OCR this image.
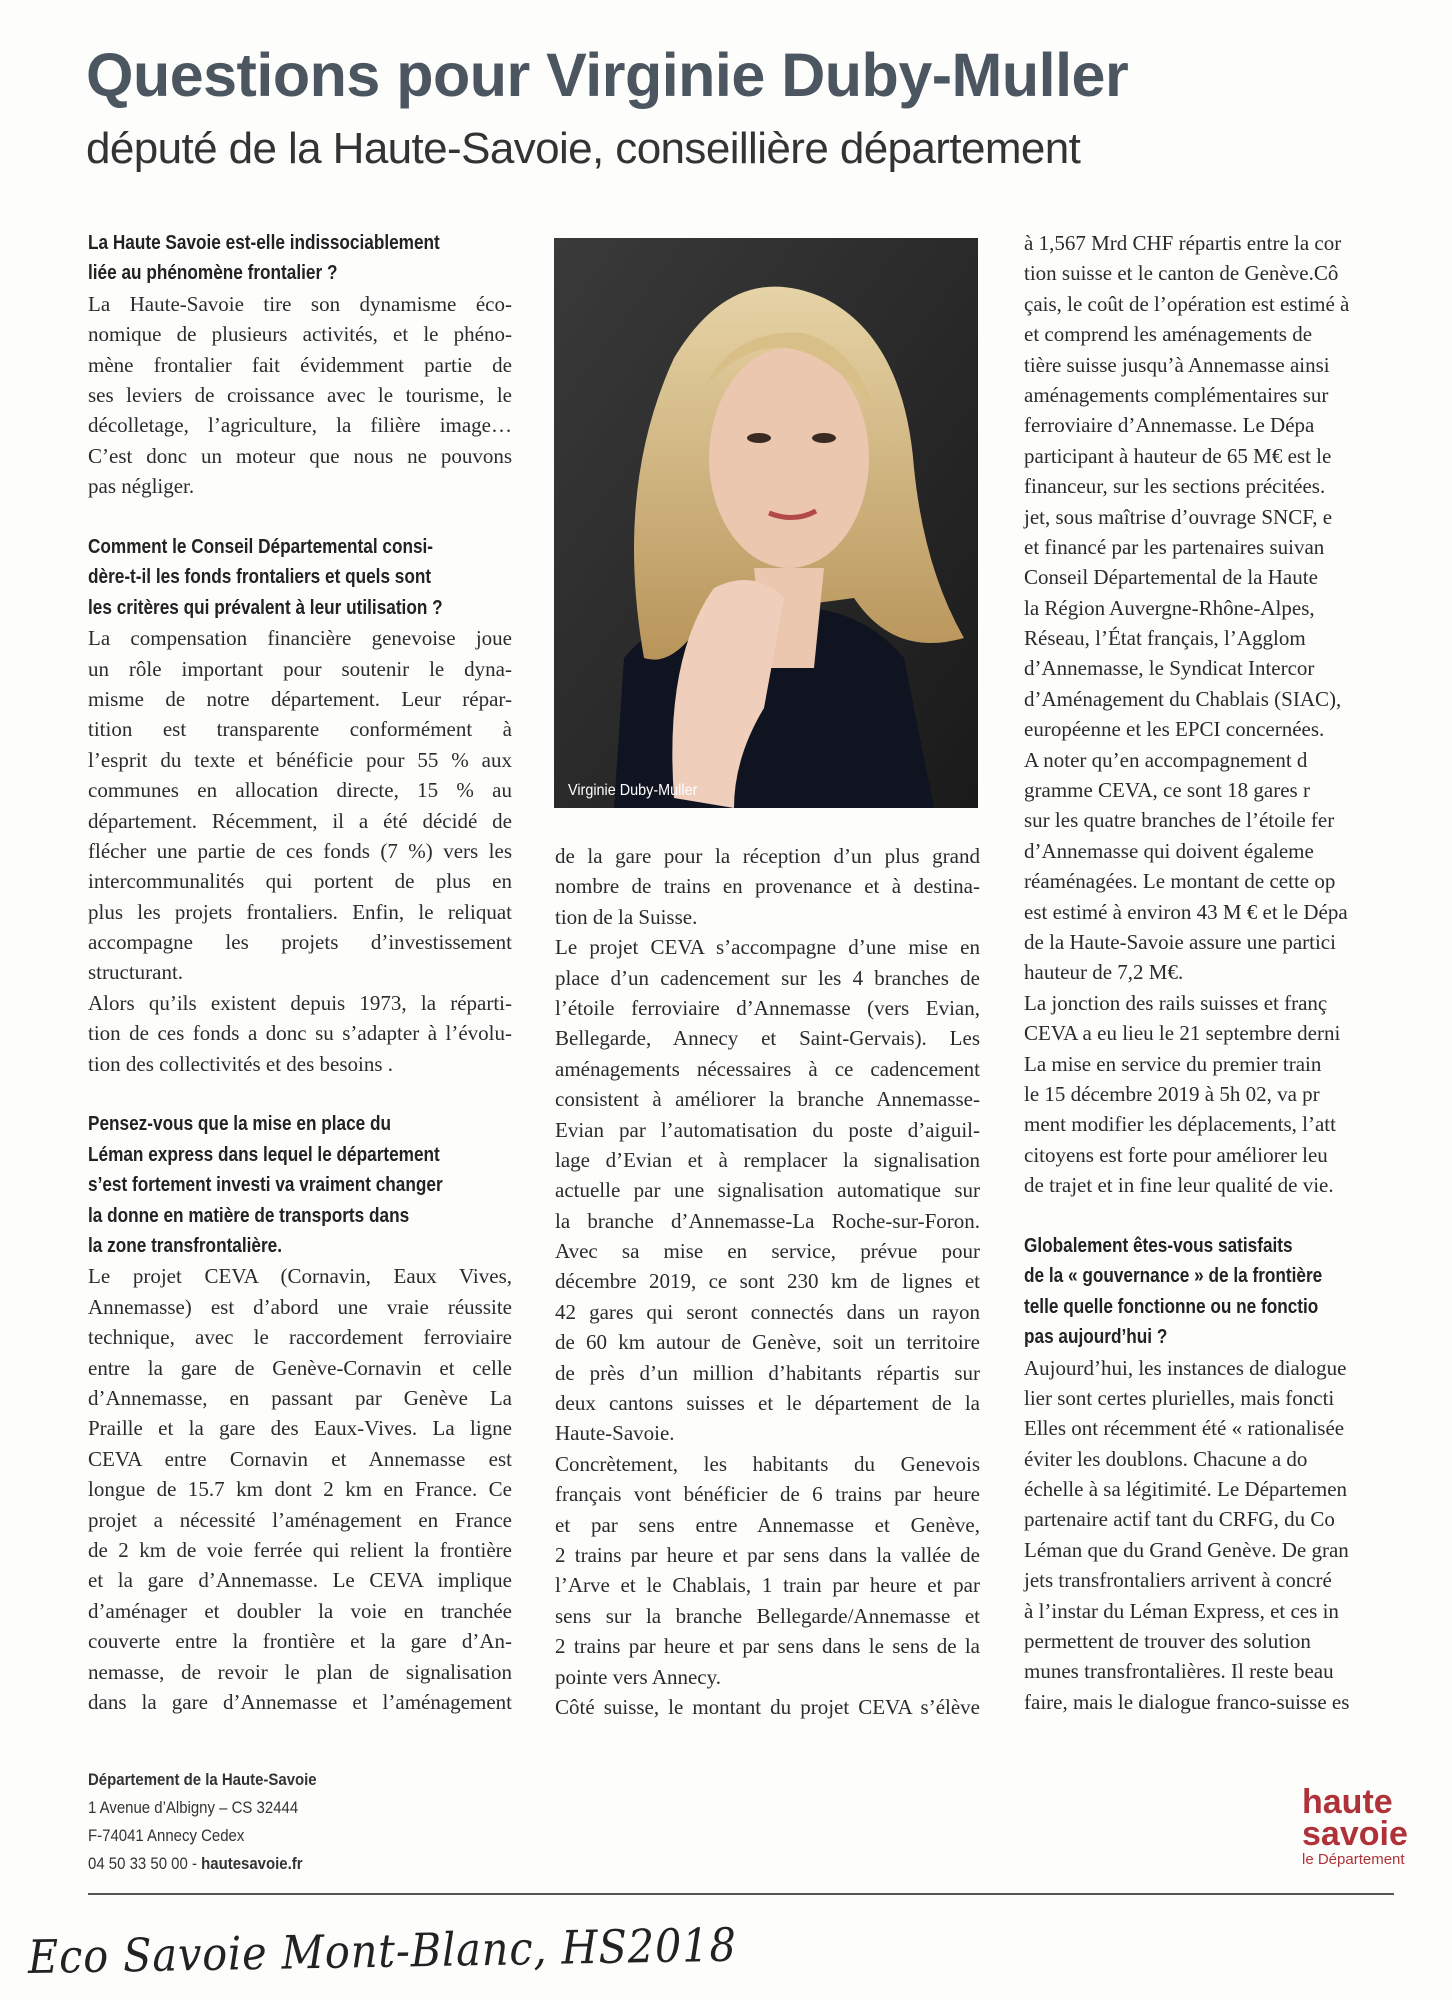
Questions pour Virginie Duby-Muller
député de la Haute-Savoie, conseillière département
La Haute Savoie est-elle indissociablement
liée au phénomène frontalier ?
La Haute-Savoie tire son dynamisme éco-
nomique de plusieurs activités, et le phéno-
mène frontalier fait évidemment partie de
ses leviers de croissance avec le tourisme, le
décolletage, l’agriculture, la filière image…
C’est donc un moteur que nous ne pouvons
pas négliger.
Comment le Conseil Départemental consi-
dère-t-il les fonds frontaliers et quels sont
les critères qui prévalent à leur utilisation ?
La compensation financière genevoise joue
un rôle important pour soutenir le dyna-
misme de notre département. Leur répar-
tition est transparente conformément à
l’esprit du texte et bénéficie pour 55 % aux
communes en allocation directe, 15 % au
département. Récemment, il a été décidé de
flécher une partie de ces fonds (7 %) vers les
intercommunalités qui portent de plus en
plus les projets frontaliers. Enfin, le reliquat
accompagne les projets d’investissement
structurant.
Alors qu’ils existent depuis 1973, la réparti-
tion de ces fonds a donc su s’adapter à l’évolu-
tion des collectivités et des besoins .
Pensez-vous que la mise en place du
Léman express dans lequel le département
s’est fortement investi va vraiment changer
la donne en matière de transports dans
la zone transfrontalière.
Le projet CEVA (Cornavin, Eaux Vives,
Annemasse) est d’abord une vraie réussite
technique, avec le raccordement ferroviaire
entre la gare de Genève-Cornavin et celle
d’Annemasse, en passant par Genève La
Praille et la gare des Eaux-Vives. La ligne
CEVA entre Cornavin et Annemasse est
longue de 15.7 km dont 2 km en France. Ce
projet a nécessité l’aménagement en France
de 2 km de voie ferrée qui relient la frontière
et la gare d’Annemasse. Le CEVA implique
d’aménager et doubler la voie en tranchée
couverte entre la frontière et la gare d’An-
nemasse, de revoir le plan de signalisation
dans la gare d’Annemasse et l’aménagement
Virginie Duby-Muller
de la gare pour la réception d’un plus grand
nombre de trains en provenance et à destina-
tion de la Suisse.
Le projet CEVA s’accompagne d’une mise en
place d’un cadencement sur les 4 branches de
l’étoile ferroviaire d’Annemasse (vers Evian,
Bellegarde, Annecy et Saint-Gervais). Les
aménagements nécessaires à ce cadencement
consistent à améliorer la branche Annemasse-
Evian par l’automatisation du poste d’aiguil-
lage d’Evian et à remplacer la signalisation
actuelle par une signalisation automatique sur
la branche d’Annemasse-La Roche-sur-Foron.
Avec sa mise en service, prévue pour
décembre 2019, ce sont 230 km de lignes et
42 gares qui seront connectés dans un rayon
de 60 km autour de Genève, soit un territoire
de près d’un million d’habitants répartis sur
deux cantons suisses et le département de la
Haute-Savoie.
Concrètement, les habitants du Genevois
français vont bénéficier de 6 trains par heure
et par sens entre Annemasse et Genève,
2 trains par heure et par sens dans la vallée de
l’Arve et le Chablais, 1 train par heure et par
sens sur la branche Bellegarde/Annemasse et
2 trains par heure et par sens dans le sens de la
pointe vers Annecy.
Côté suisse, le montant du projet CEVA s’élève
à 1,567 Mrd CHF répartis entre la cor
tion suisse et le canton de Genève.Cô
çais, le coût de l’opération est estimé à
et comprend les aménagements de
tière suisse jusqu’à Annemasse ainsi
aménagements complémentaires sur
ferroviaire d’Annemasse. Le Dépa
participant à hauteur de 65 M€ est le
financeur, sur les sections précitées.
jet, sous maîtrise d’ouvrage SNCF, e
et financé par les partenaires suivan
Conseil Départemental de la Haute
la Région Auvergne-Rhône-Alpes,
Réseau, l’État français, l’Agglom
d’Annemasse, le Syndicat Intercor
d’Aménagement du Chablais (SIAC),
européenne et les EPCI concernées.
A noter qu’en accompagnement d
gramme CEVA, ce sont 18 gares r
sur les quatre branches de l’étoile fer
d’Annemasse qui doivent égaleme
réaménagées. Le montant de cette op
est estimé à environ 43 M € et le Dépa
de la Haute-Savoie assure une partici
hauteur de 7,2 M€.
La jonction des rails suisses et franç
CEVA a eu lieu le 21 septembre derni
La mise en service du premier train
le 15 décembre 2019 à 5h 02, va pr
ment modifier les déplacements, l’att
citoyens est forte pour améliorer leu
de trajet et in fine leur qualité de vie.
Globalement êtes-vous satisfaits
de la « gouvernance » de la frontière
telle quelle fonctionne ou ne fonctio
pas aujourd’hui ?
Aujourd’hui, les instances de dialogue
lier sont certes plurielles, mais foncti
Elles ont récemment été « rationalisée
éviter les doublons. Chacune a do
échelle à sa légitimité. Le Départemen
partenaire actif tant du CRFG, du Co
Léman que du Grand Genève. De gran
jets transfrontaliers arrivent à concré
à l’instar du Léman Express, et ces in
permettent de trouver des solution
munes transfrontalières. Il reste beau
faire, mais le dialogue franco-suisse es
Département de la Haute-Savoie
1 Avenue d’Albigny – CS 32444
F-74041 Annecy Cedex
04 50 33 50 00 - hautesavoie.fr
haute
savoie
le Département
Eco Savoie Mont-Blanc, HS2018
